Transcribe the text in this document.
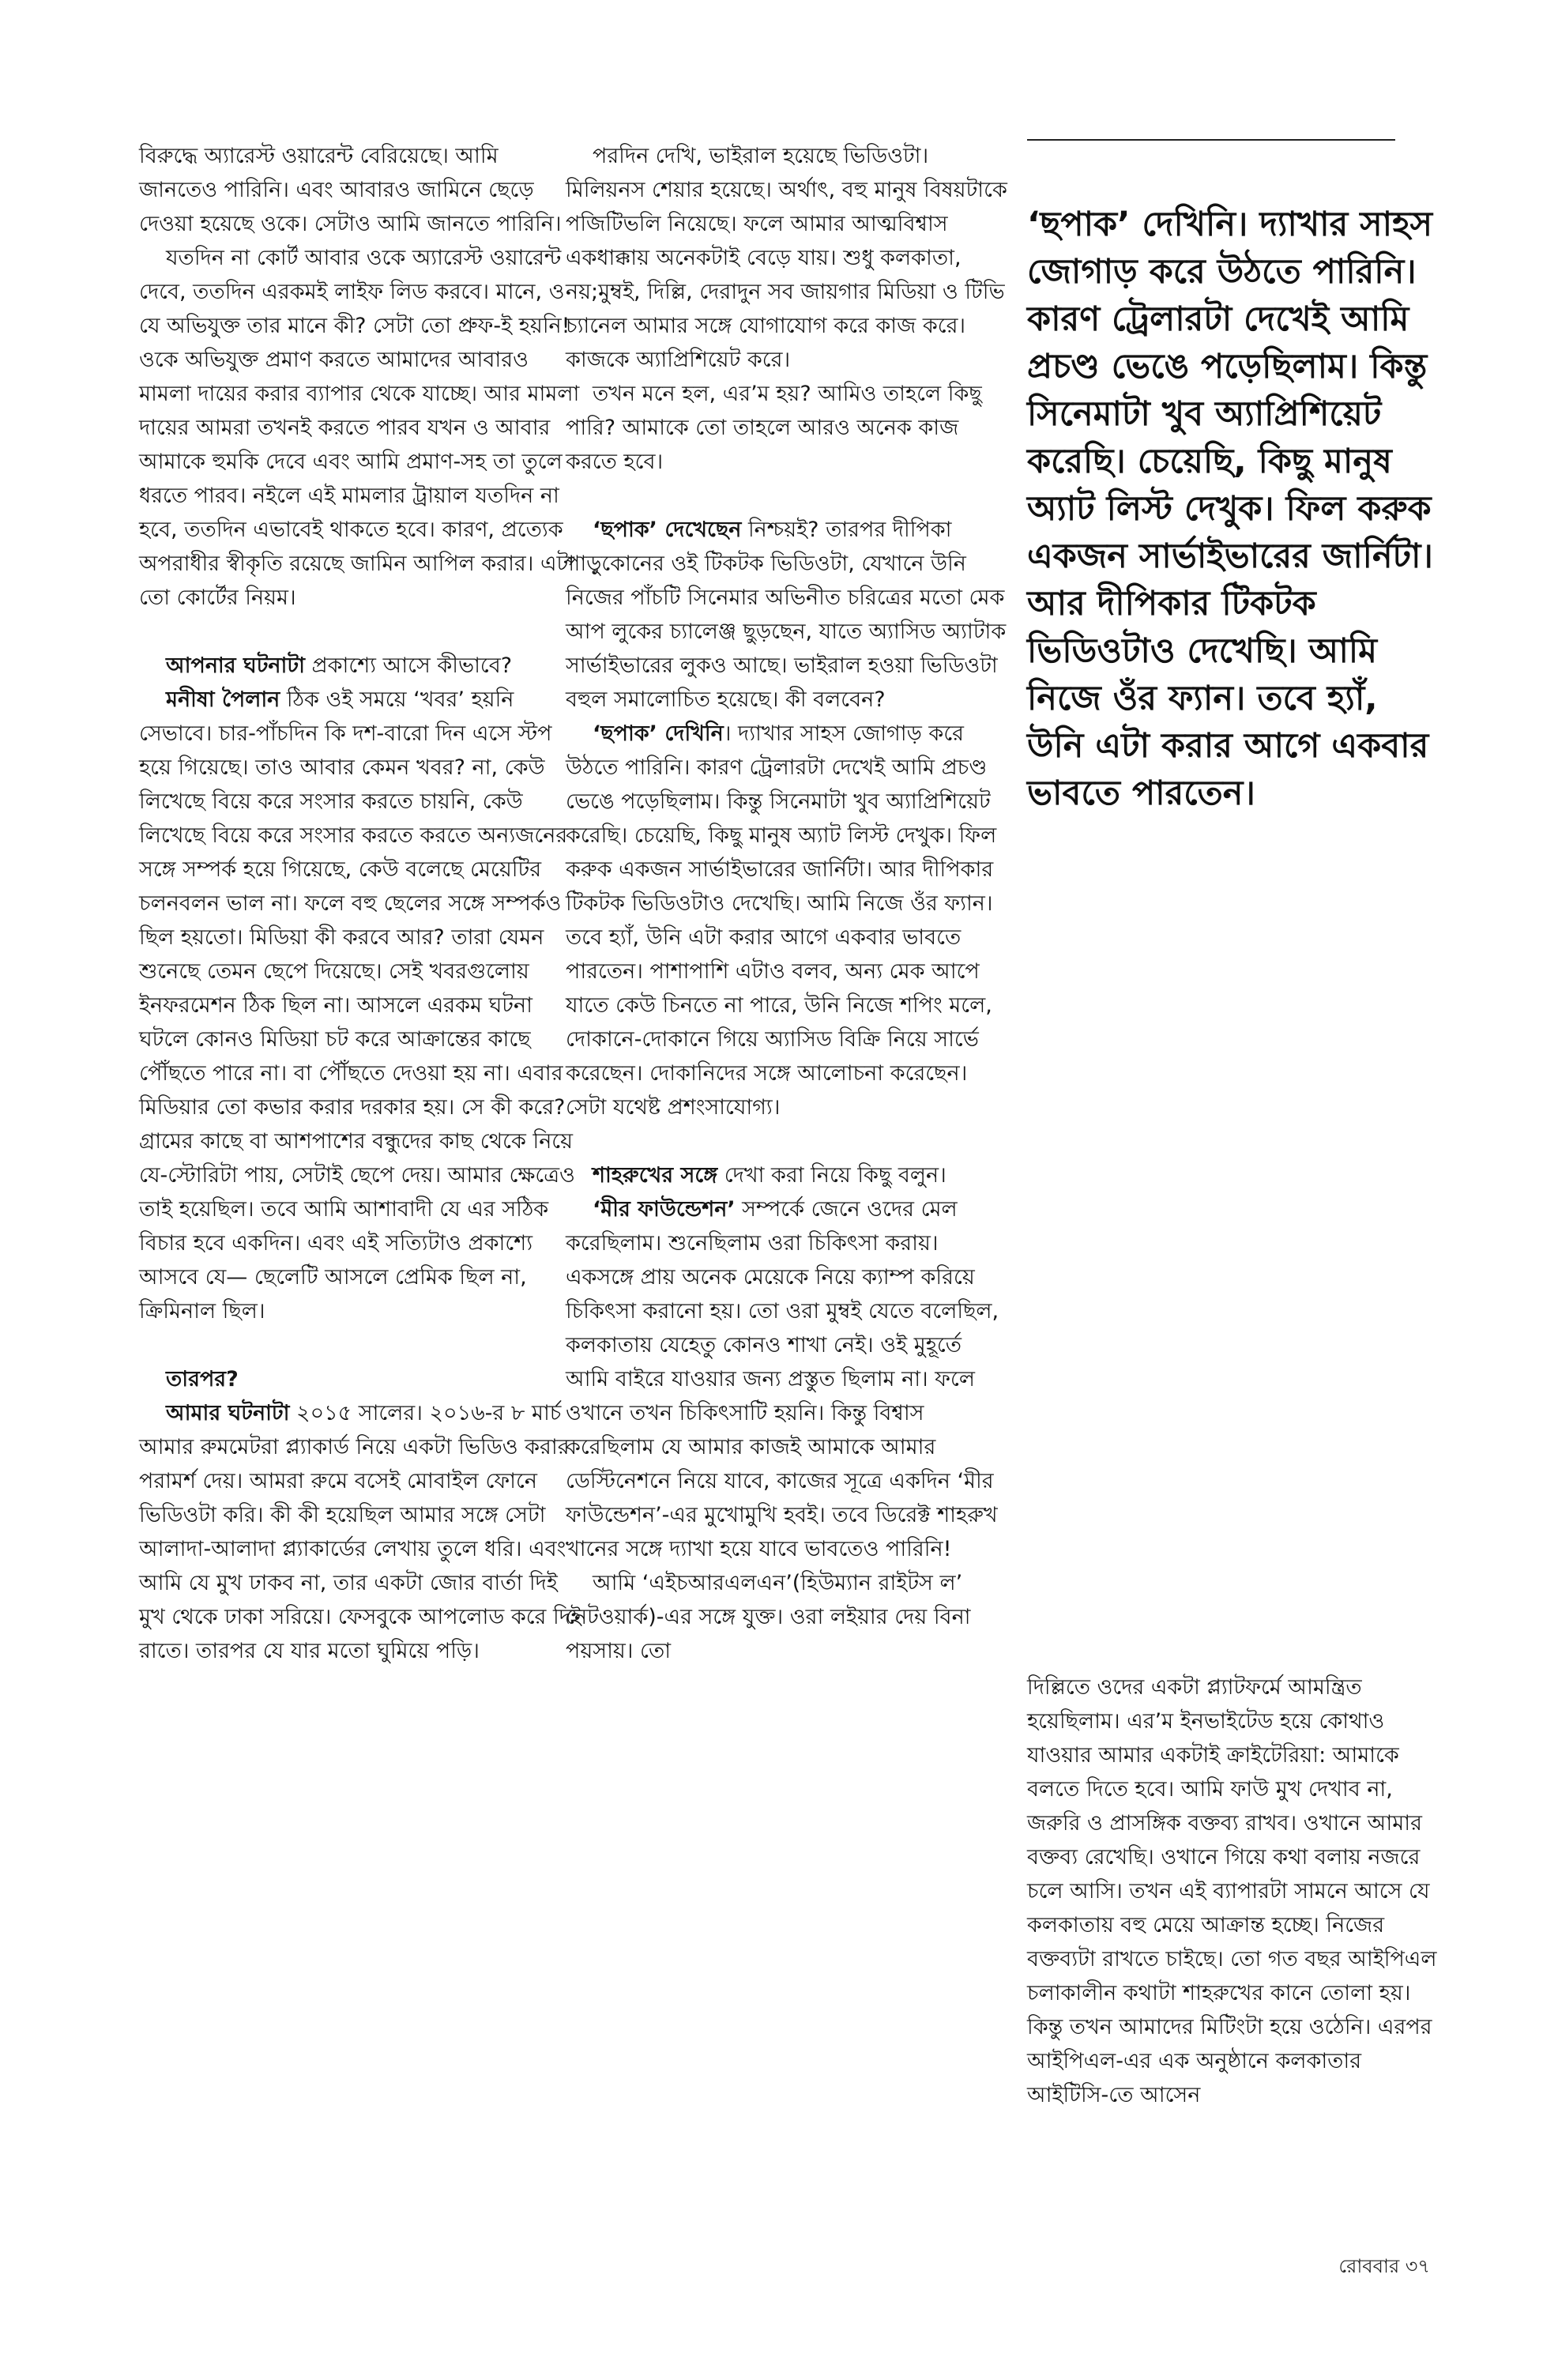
বিরুদ্ধে অ্যারেস্ট ওয়ারেন্ট বেরিয়েছে। আমি জানতেও পারিনি। এবং আবারও জামিনে ছেড়ে দেওয়া হয়েছে ওকে। সেটাও আমি জানতে পারিনি।

যতদিন না কোর্ট আবার ওকে অ্যারেস্ট ওয়ারেন্ট দেবে, ততদিন এরকমই লাইফ লিড করবে। মানে, ও যে অভিযুক্ত তার মানে কী? সেটা তো প্রুফ-ই হয়নি! ওকে অভিযুক্ত প্রমাণ করতে আমাদের আবারও মামলা দায়ের করার ব্যাপার থেকে যাচ্ছে। আর মামলা দায়ের আমরা তখনই করতে পারব যখন ও আবার আমাকে হুমকি দেবে এবং আমি প্রমাণ-সহ তা তুলে ধরতে পারব। নইলে এই মামলার ট্রায়াল যতদিন না হবে, ততদিন এভাবেই থাকতে হবে। কারণ, প্রত্যেক অপরাধীর স্বীকৃতি রয়েছে জামিন আপিল করার। এটা তো কোর্টের নিয়ম।

আপনার ঘটনাটা প্রকাশ্যে আসে কীভাবে?

মনীষা পৈলান ঠিক ওই সময়ে ‘খবর’ হয়নি সেভাবে। চার-পাঁচদিন কি দশ-বারো দিন এসে স্টপ হয়ে গিয়েছে। তাও আবার কেমন খবর? না, কেউ লিখেছে বিয়ে করে সংসার করতে চায়নি, কেউ লিখেছে বিয়ে করে সংসার করতে করতে অন্যজনের সঙ্গে সম্পর্ক হয়ে গিয়েছে, কেউ বলেছে মেয়েটির চলনবলন ভাল না। ফলে বহু ছেলের সঙ্গে সম্পর্কও ছিল হয়তো। মিডিয়া কী করবে আর? তারা যেমন শুনেছে তেমন ছেপে দিয়েছে। সেই খবরগুলোয় ইনফরমেশন ঠিক ছিল না। আসলে এরকম ঘটনা ঘটলে কোনও মিডিয়া চট করে আক্রান্তের কাছে পৌঁছতে পারে না। বা পৌঁছতে দেওয়া হয় না। এবার মিডিয়ার তো কভার করার দরকার হয়। সে কী করে? গ্রামের কাছে বা আশপাশের বন্ধুদের কাছ থেকে নিয়ে যে-স্টোরিটা পায়, সেটাই ছেপে দেয়। আমার ক্ষেত্রেও তাই হয়েছিল। তবে আমি আশাবাদী যে এর সঠিক বিচার হবে একদিন। এবং এই সত্যিটাও প্রকাশ্যে আসবে যে— ছেলেটি আসলে প্রেমিক ছিল না, ক্রিমিনাল ছিল।

তারপর?

আমার ঘটনাটা ২০১৫ সালের। ২০১৬-র ৮ মার্চ আমার রুমমেটরা প্ল্যাকার্ড নিয়ে একটা ভিডিও করার পরামর্শ দেয়। আমরা রুমে বসেই মোবাইল ফোনে ভিডিওটা করি। কী কী হয়েছিল আমার সঙ্গে সেটা আলাদা-আলাদা প্ল্যাকার্ডের লেখায় তুলে ধরি। এবং আমি যে মুখ ঢাকব না, তার একটা জোর বার্তা দিই মুখ থেকে ঢাকা সরিয়ে। ফেসবুকে আপলোড করে দিই রাতে। তারপর যে যার মতো ঘুমিয়ে পড়ি।

পরদিন দেখি, ভাইরাল হয়েছে ভিডিওটা। মিলিয়নস শেয়ার হয়েছে। অর্থাৎ, বহু মানুষ বিষয়টাকে পজিটিভলি নিয়েছে। ফলে আমার আত্মবিশ্বাস একধাক্কায় অনেকটাই বেড়ে যায়। শুধু কলকাতা, নয়;মুম্বই, দিল্লি, দেরাদুন সব জায়গার মিডিয়া ও টিভি চ্যানেল আমার সঙ্গে যোগাযোগ করে কাজ করে। কাজকে অ্যাপ্রিশিয়েট করে।

তখন মনে হল, এর’ম হয়? আমিও তাহলে কিছু পারি? আমাকে তো তাহলে আরও অনেক কাজ করতে হবে।

‘ছপাক’ দেখেছেন নিশ্চয়ই? তারপর দীপিকা পাড়ুকোনের ওই টিকটক ভিডিওটা, যেখানে উনি নিজের পাঁচটি সিনেমার অভিনীত চরিত্রের মতো মেক আপ লুকের চ্যালেঞ্জ ছুড়ছেন, যাতে অ্যাসিড অ্যাটাক সার্ভাইভারের লুকও আছে। ভাইরাল হওয়া ভিডিওটা বহুল সমালোচিত হয়েছে। কী বলবেন?

‘ছপাক’ দেখিনি। দ্যাখার সাহস জোগাড় করে উঠতে পারিনি। কারণ ট্রেলারটা দেখেই আমি প্রচণ্ড ভেঙে পড়েছিলাম। কিন্তু সিনেমাটা খুব অ্যাপ্রিশিয়েট করেছি। চেয়েছি, কিছু মানুষ অ্যাট লিস্ট দেখুক। ফিল করুক একজন সার্ভাইভারের জার্নিটা। আর দীপিকার টিকটক ভিডিওটাও দেখেছি। আমি নিজে ওঁর ফ্যান। তবে হ্যাঁ, উনি এটা করার আগে একবার ভাবতে পারতেন। পাশাপাশি এটাও বলব, অন্য মেক আপে যাতে কেউ চিনতে না পারে, উনি নিজে শপিং মলে, দোকানে-দোকানে গিয়ে অ্যাসিড বিক্রি নিয়ে সার্ভে করেছেন। দোকানিদের সঙ্গে আলোচনা করেছেন। সেটা যথেষ্ট প্রশংসাযোগ্য।

শাহরুখের সঙ্গে দেখা করা নিয়ে কিছু বলুন।

‘মীর ফাউন্ডেশন’ সম্পর্কে জেনে ওদের মেল করেছিলাম। শুনেছিলাম ওরা চিকিৎসা করায়। একসঙ্গে প্রায় অনেক মেয়েকে নিয়ে ক্যাম্প করিয়ে চিকিৎসা করানো হয়। তো ওরা মুম্বই যেতে বলেছিল, কলকাতায় যেহেতু কোনও শাখা নেই। ওই মুহূর্তে আমি বাইরে যাওয়ার জন্য প্রস্তুত ছিলাম না। ফলে ওখানে তখন চিকিৎসাটি হয়নি। কিন্তু বিশ্বাস করেছিলাম যে আমার কাজই আমাকে আমার ডেস্টিনেশনে নিয়ে যাবে, কাজের সূত্রে একদিন ‘মীর ফাউন্ডেশন’-এর মুখোমুখি হবই। তবে ডিরেক্ট শাহরুখ খানের সঙ্গে দ্যাখা হয়ে যাবে ভাবতেও পারিনি!

আমি ‘এইচআরএলএন’(হিউম্যান রাইটস ল’ নেটওয়ার্ক)-এর সঙ্গে যুক্ত। ওরা লইয়ার দেয় বিনা পয়সায়। তো

‘ছপাক’ দেখিনি। দ্যাখার সাহস জোগাড় করে উঠতে পারিনি। কারণ ট্রেলারটা দেখেই আমি প্রচণ্ড ভেঙে পড়েছিলাম। কিন্তু সিনেমাটা খুব অ্যাপ্রিশিয়েট করেছি। চেয়েছি, কিছু মানুষ অ্যাট লিস্ট দেখুক। ফিল করুক একজন সার্ভাইভারের জার্নিটা। আর দীপিকার টিকটক ভিডিওটাও দেখেছি। আমি নিজে ওঁর ফ্যান। তবে হ্যাঁ, উনি এটা করার আগে একবার ভাবতে পারতেন।

দিল্লিতে ওদের একটা প্ল্যাটফর্মে আমন্ত্রিত হয়েছিলাম। এর’ম ইনভাইটেড হয়ে কোথাও যাওয়ার আমার একটাই ক্রাইটেরিয়া: আমাকে বলতে দিতে হবে। আমি ফাউ মুখ দেখাব না, জরুরি ও প্রাসঙ্গিক বক্তব্য রাখব। ওখানে আমার বক্তব্য রেখেছি। ওখানে গিয়ে কথা বলায় নজরে চলে আসি। তখন এই ব্যাপারটা সামনে আসে যে কলকাতায় বহু মেয়ে আক্রান্ত হচ্ছে। নিজের বক্তব্যটা রাখতে চাইছে। তো গত বছর আইপিএল চলাকালীন কথাটা শাহরুখের কানে তোলা হয়। কিন্তু তখন আমাদের মিটিংটা হয়ে ওঠেনি। এরপর আইপিএল-এর এক অনুষ্ঠানে কলকাতার আইটিসি-তে আসেন

রোববার ৩৭
